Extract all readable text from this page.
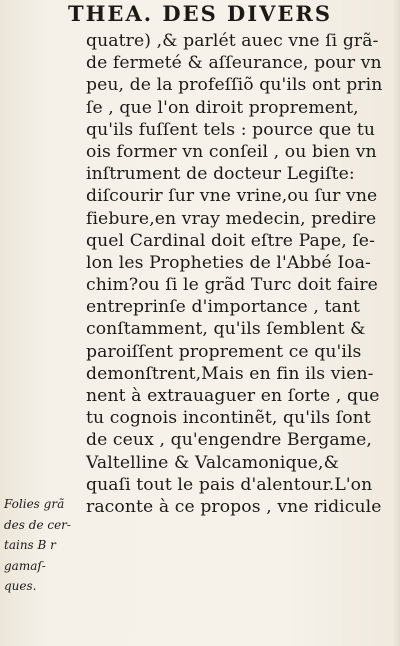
THEA. DES DIVERS
quatre) ,& parlét auec vne ſi grã-
de fermeté & aſſeurance, pour vn
peu, de la profeſſiõ qu'ils ont prin
ſe , que l'on diroit proprement,
qu'ils fuſſent tels : pource que tu
ois former vn conſeil , ou bien vn
inſtrument de docteur Legiſte:
diſcourir ſur vne vrine,ou ſur vne
fiebure,en vray medecin, predire
quel Cardinal doit eſtre Pape, ſe-
lon les Propheties de l'Abbé Ioa-
chim?ou ſi le grãd Turc doit faire
entreprinſe d'importance , tant
conſtamment, qu'ils ſemblent &
paroiſſent proprement ce qu'ils
demonſtrent,Mais en fin ils vien-
nent à extrauaguer en ſorte , que
tu cognois incontinẽt, qu'ils ſont
de ceux , qu'engendre Bergame,
Valtelline & Valcamonique,&
quaſi tout le pais d'alentour.L'on
raconte à ce propos , vne ridicule
Folies grã
des de cer-
tains B r
gamaſ-
ques.
